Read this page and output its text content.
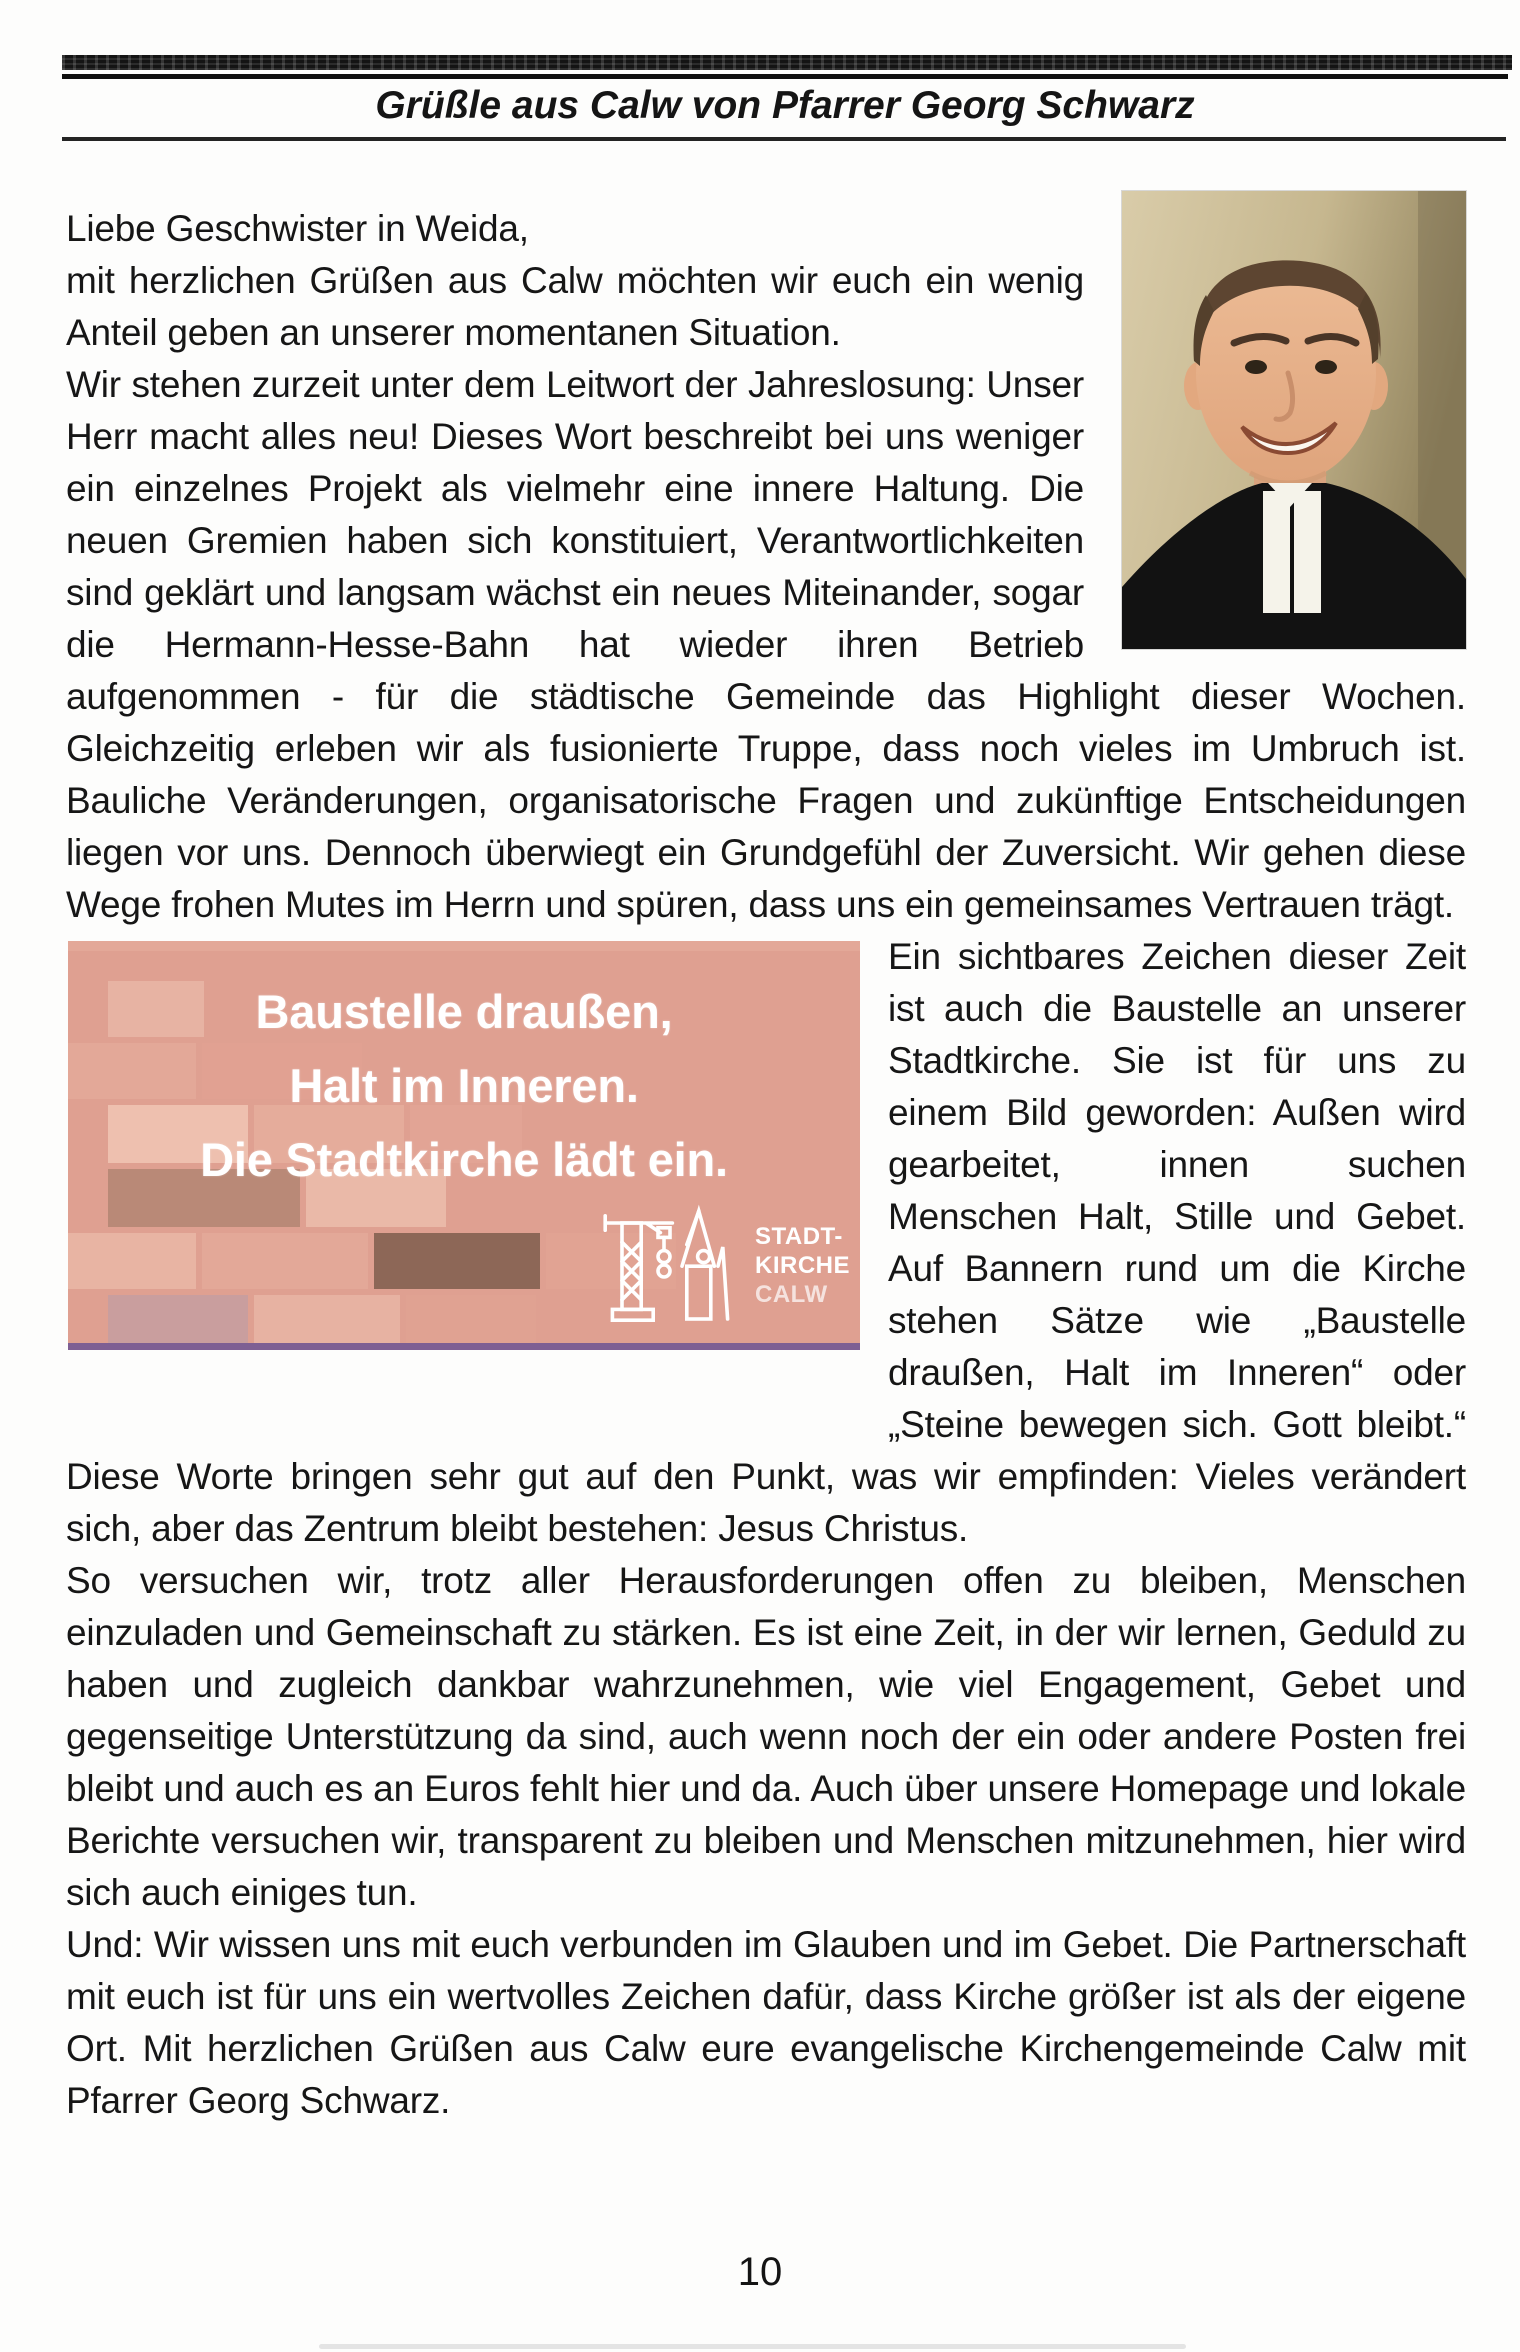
Grüßle aus Calw von Pfarrer Georg Schwarz

Liebe Geschwister in Weida,

mit herzlichen Grüßen aus Calw möchten wir euch ein wenig Anteil geben an unserer momentanen Situation.

Wir stehen zurzeit unter dem Leitwort der Jahreslosung: Unser Herr macht alles neu! Dieses Wort beschreibt bei uns weniger ein einzelnes Projekt als vielmehr eine innere Haltung. Die neuen Gremien haben sich konstituiert, Verantwortlichkeiten sind geklärt und langsam wächst ein neues Miteinander, sogar die Hermann-Hesse-Bahn hat wieder ihren Betrieb aufgenommen - für die städtische Gemeinde das Highlight dieser Wochen. Gleichzeitig erleben wir als fusionierte Truppe, dass noch vieles im Umbruch ist. Bauliche Veränderungen, organisatorische Fragen und zukünftige Entscheidungen liegen vor uns. Dennoch überwiegt ein Grundgefühl der Zuversicht. Wir gehen diese Wege frohen Mutes im Herrn und spüren, dass uns ein gemeinsames Vertrauen trägt.

Baustelle draußen,
Halt im Inneren.
Die Stadtkirche lädt ein.
STADT-
KIRCHE
CALW

Ein sichtbares Zeichen dieser Zeit ist auch die Baustelle an unserer Stadtkirche. Sie ist für uns zu einem Bild geworden: Außen wird gearbeitet, innen suchen Menschen Halt, Stille und Gebet. Auf Bannern rund um die Kirche stehen Sätze wie „Baustelle draußen, Halt im Inneren“ oder „Steine bewegen sich. Gott bleibt.“ Diese Worte bringen sehr gut auf den Punkt, was wir empfinden: Vieles verändert sich, aber das Zentrum bleibt bestehen: Jesus Christus.

So versuchen wir, trotz aller Herausforderungen offen zu bleiben, Menschen einzuladen und Gemeinschaft zu stärken. Es ist eine Zeit, in der wir lernen, Geduld zu haben und zugleich dankbar wahrzunehmen, wie viel Engagement, Gebet und gegenseitige Unterstützung da sind, auch wenn noch der ein oder andere Posten frei bleibt und auch es an Euros fehlt hier und da. Auch über unsere Homepage und lokale Berichte versuchen wir, transparent zu bleiben und Menschen mitzunehmen, hier wird sich auch einiges tun.

Und: Wir wissen uns mit euch verbunden im Glauben und im Gebet. Die Partnerschaft mit euch ist für uns ein wertvolles Zeichen dafür, dass Kirche größer ist als der eigene Ort. Mit herzlichen Grüßen aus Calw eure evangelische Kirchengemeinde Calw mit Pfarrer Georg Schwarz.

10
